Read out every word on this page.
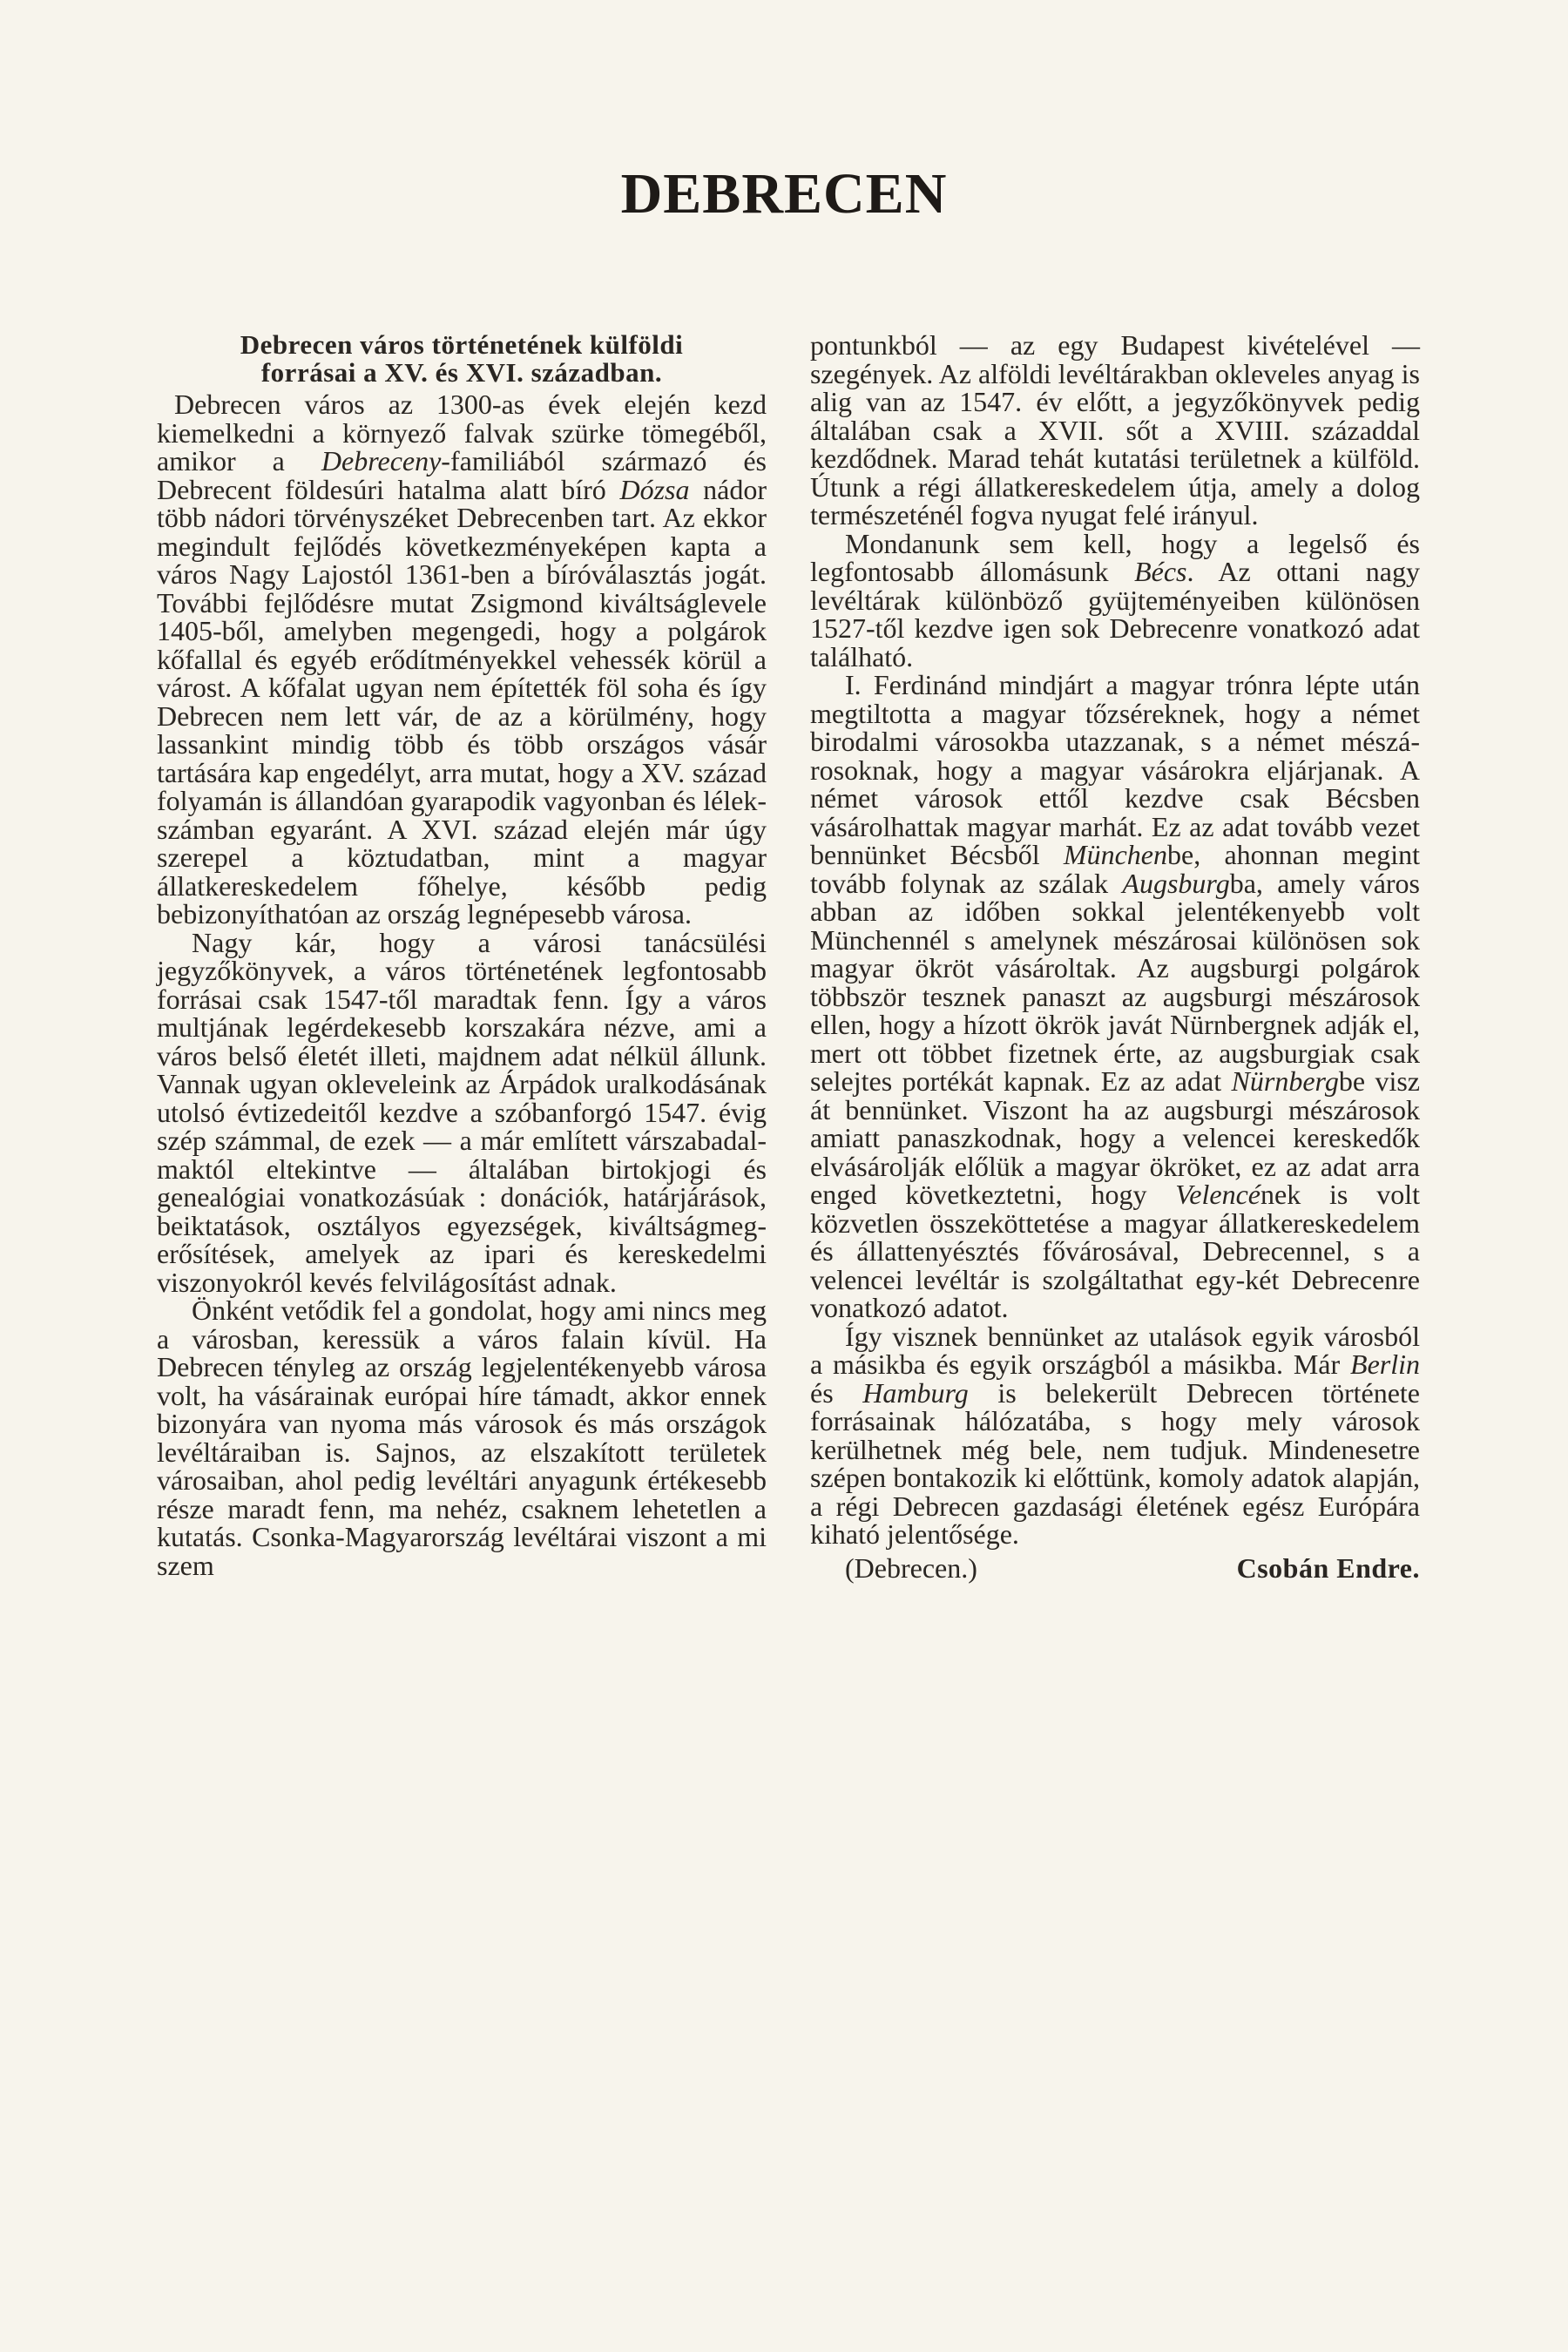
DEBRECEN
Debrecen város történetének külföldi
forrásai a XV. és XVI. században.

Debrecen város az 1300-as évek elején kezd kiemelkedni a környező falvak szürke tömegéből, amikor a Debreceny-familiából származó és Debrecent földesúri hatalma alatt bíró Dózsa nádor több nádori törvényszéket Debrecenben tart. Az ekkor megindult fejlődés következményeképen kapta a város Nagy Lajostól 1361-ben a bíróválasztás jogát. További fejlődésre mutat Zsigmond kiváltságlevele 1405-ből, amelyben megengedi, hogy a polgárok kőfallal és egyéb erődítményekkel vehessék körül a várost. A kőfalat ugyan nem építették föl soha és így Debrecen nem lett vár, de az a körülmény, hogy lassankint mindig több és több országos vásár tartására kap engedélyt, arra mutat, hogy a XV. század folyamán is állandóan gyarapodik vagyonban és lélekszámban egyaránt. A XVI. század elején már úgy szerepel a köztudatban, mint a magyar állatkereskedelem főhelye, később pedig bebizonyíthatóan az ország legnépesebb városa.

Nagy kár, hogy a városi tanácsülési jegyzőkönyvek, a város történetének legfontosabb forrásai csak 1547-től maradtak fenn. Így a város multjának legérdekesebb korszakára nézve, ami a város belső életét illeti, majdnem adat nélkül állunk. Vannak ugyan okleveleink az Árpádok uralkodásának utolsó évtizedeitől kezdve a szóbanforgó 1547. évig szép számmal, de ezek — a már említett várszabadalmaktól eltekintve — általában birtokjogi és genealógiai vonatkozásúak : donációk, határjárások, beiktatások, osztályos egyezségek, kiváltságmegerősítések, amelyek az ipari és kereskedelmi viszonyokról kevés felvilágosítást adnak.

Önként vetődik fel a gondolat, hogy ami nincs meg a városban, keressük a város falain kívül. Ha Debrecen tényleg az ország legjelentékenyebb városa volt, ha vásárainak európai híre támadt, akkor ennek bizonyára van nyoma más városok és más országok levéltáraiban is. Sajnos, az elszakított területek városaiban, ahol pedig levéltári anyagunk értékesebb része maradt fenn, ma nehéz, csaknem lehetetlen a kutatás. Csonka-Magyarország levéltárai viszont a mi szem

pontunkból — az egy Budapest kivételével — szegények. Az alföldi levéltárakban okleveles anyag is alig van az 1547. év előtt, a jegyzőkönyvek pedig általában csak a XVII. sőt a XVIII. századdal kezdődnek. Marad tehát kutatási területnek a külföld. Útunk a régi állatkereskedelem útja, amely a dolog természeténél fogva nyugat felé irányul.

Mondanunk sem kell, hogy a legelső és legfontosabb állomásunk Bécs. Az ottani nagy levéltárak különböző gyüjteményeiben különösen 1527-től kezdve igen sok Debrecenre vonatkozó adat található.

I. Ferdinánd mindjárt a magyar trónra lépte után megtiltotta a magyar tőzséreknek, hogy a német birodalmi városokba utazzanak, s a német mészárosoknak, hogy a magyar vásárokra eljárjanak. A német városok ettől kezdve csak Bécsben vásárolhattak magyar marhát. Ez az adat tovább vezet bennünket Bécsből Münchenbe, ahonnan megint tovább folynak az szálak Augsburgba, amely város abban az időben sokkal jelentékenyebb volt Münchennél s amelynek mészárosai különösen sok magyar ökröt vásároltak. Az augsburgi polgárok többször tesznek panaszt az augsburgi mészárosok ellen, hogy a hízott ökrök javát Nürnbergnek adják el, mert ott többet fizetnek érte, az augsburgiak csak selejtes portékát kapnak. Ez az adat Nürnbergbe visz át bennünket. Viszont ha az augsburgi mészárosok amiatt panaszkodnak, hogy a velencei kereskedők elvásárolják előlük a magyar ökröket, ez az adat arra enged következtetni, hogy Velencének is volt közvetlen összeköttetése a magyar állatkereskedelem és állattenyésztés fővárosával, Debrecennel, s a velencei levéltár is szolgáltathat egy-két Debrecenre vonatkozó adatot.

Így visznek bennünket az utalások egyik városból a másikba és egyik országból a másikba. Már Berlin és Hamburg is belekerült Debrecen története forrásainak hálózatába, s hogy mely városok kerülhetnek még bele, nem tudjuk. Mindenesetre szépen bontakozik ki előttünk, komoly adatok alapján, a régi Debrecen gazdasági életének egész Európára kiható jelentősége.

(Debrecen.)	Csobán Endre.
